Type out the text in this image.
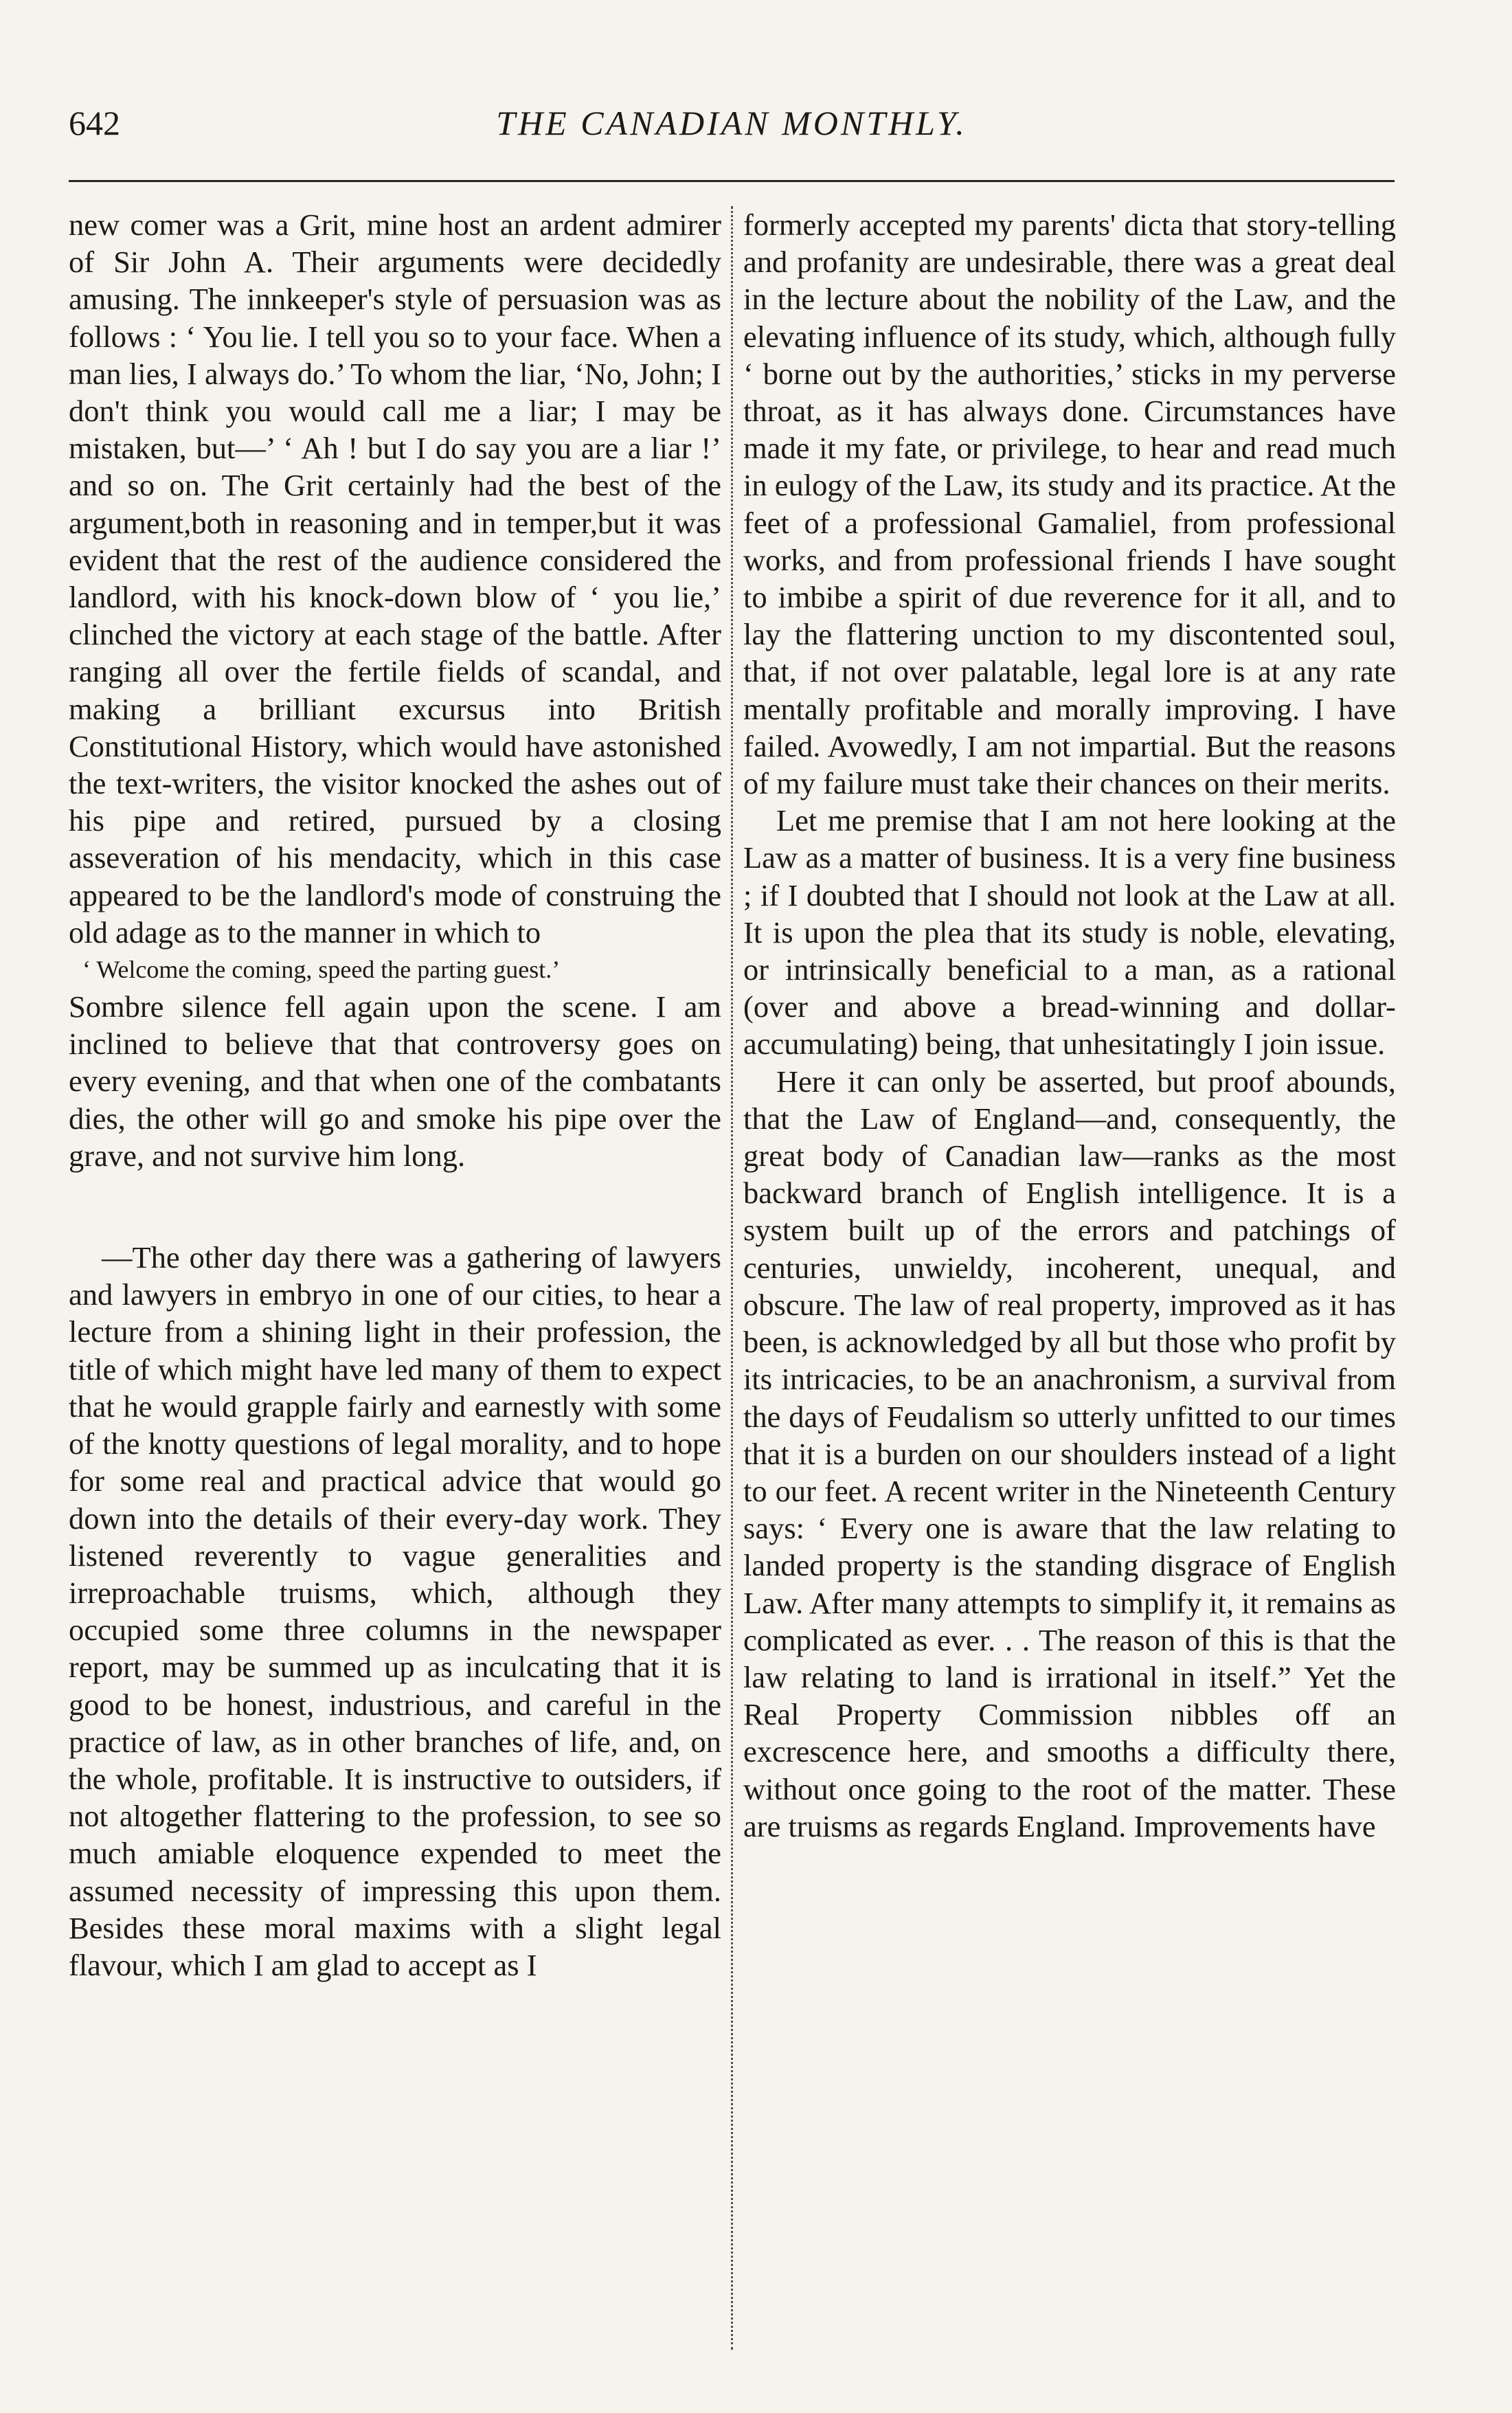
642	THE CANADIAN MONTHLY.

new comer was a Grit, mine host an ardent admirer of Sir John A. Their arguments were decidedly amusing. The innkeeper's style of persuasion was as follows : ‘ You lie. I tell you so to your face. When a man lies, I always do.’ To whom the liar, ‘No, John; I don't think you would call me a liar; I may be mistaken, but—’ ‘ Ah ! but I do say you are a liar !’ and so on. The Grit certainly had the best of the argument,both in reasoning and in temper,but it was evident that the rest of the audience considered the landlord, with his knock-down blow of ‘ you lie,’ clinched the victory at each stage of the battle. After ranging all over the fertile fields of scandal, and making a brilliant excursus into British Constitutional History, which would have astonished the text-writers, the visitor knocked the ashes out of his pipe and retired, pursued by a closing asseveration of his mendacity, which in this case appeared to be the landlord's mode of construing the old adage as to the manner in which to

‘ Welcome the coming, speed the parting guest.’

Sombre silence fell again upon the scene. I am inclined to believe that that controversy goes on every evening, and that when one of the combatants dies, the other will go and smoke his pipe over the grave, and not survive him long.

—The other day there was a gathering of lawyers and lawyers in embryo in one of our cities, to hear a lecture from a shining light in their profession, the title of which might have led many of them to expect that he would grapple fairly and earnestly with some of the knotty questions of legal morality, and to hope for some real and practical advice that would go down into the details of their every-day work. They listened reverently to vague generalities and irreproachable truisms, which, although they occupied some three columns in the newspaper report, may be summed up as inculcating that it is good to be honest, industrious, and careful in the practice of law, as in other branches of life, and, on the whole, profitable. It is instructive to outsiders, if not altogether flattering to the profession, to see so much amiable eloquence expended to meet the assumed necessity of impressing this upon them. Besides these moral maxims with a slight legal flavour, which I am glad to accept as I

formerly accepted my parents' dicta that story-telling and profanity are undesirable, there was a great deal in the lecture about the nobility of the Law, and the elevating influence of its study, which, although fully ‘ borne out by the authorities,’ sticks in my perverse throat, as it has always done. Circumstances have made it my fate, or privilege, to hear and read much in eulogy of the Law, its study and its practice. At the feet of a professional Gamaliel, from professional works, and from professional friends I have sought to imbibe a spirit of due reverence for it all, and to lay the flattering unction to my discontented soul, that, if not over palatable, legal lore is at any rate mentally profitable and morally improving. I have failed. Avowedly, I am not impartial. But the reasons of my failure must take their chances on their merits.

Let me premise that I am not here looking at the Law as a matter of business. It is a very fine business ; if I doubted that I should not look at the Law at all. It is upon the plea that its study is noble, elevating, or intrinsically beneficial to a man, as a rational (over and above a bread-winning and dollar-accumulating) being, that unhesitatingly I join issue.

Here it can only be asserted, but proof abounds, that the Law of England—and, consequently, the great body of Canadian law—ranks as the most backward branch of English intelligence. It is a system built up of the errors and patchings of centuries, unwieldy, incoherent, unequal, and obscure. The law of real property, improved as it has been, is acknowledged by all but those who profit by its intricacies, to be an anachronism, a survival from the days of Feudalism so utterly unfitted to our times that it is a burden on our shoulders instead of a light to our feet. A recent writer in the Nineteenth Century says: ‘ Every one is aware that the law relating to landed property is the standing disgrace of English Law. After many attempts to simplify it, it remains as complicated as ever. . . The reason of this is that the law relating to land is irrational in itself.” Yet the Real Property Commission nibbles off an excrescence here, and smooths a difficulty there, without once going to the root of the matter. These are truisms as regards England. Improvements have
